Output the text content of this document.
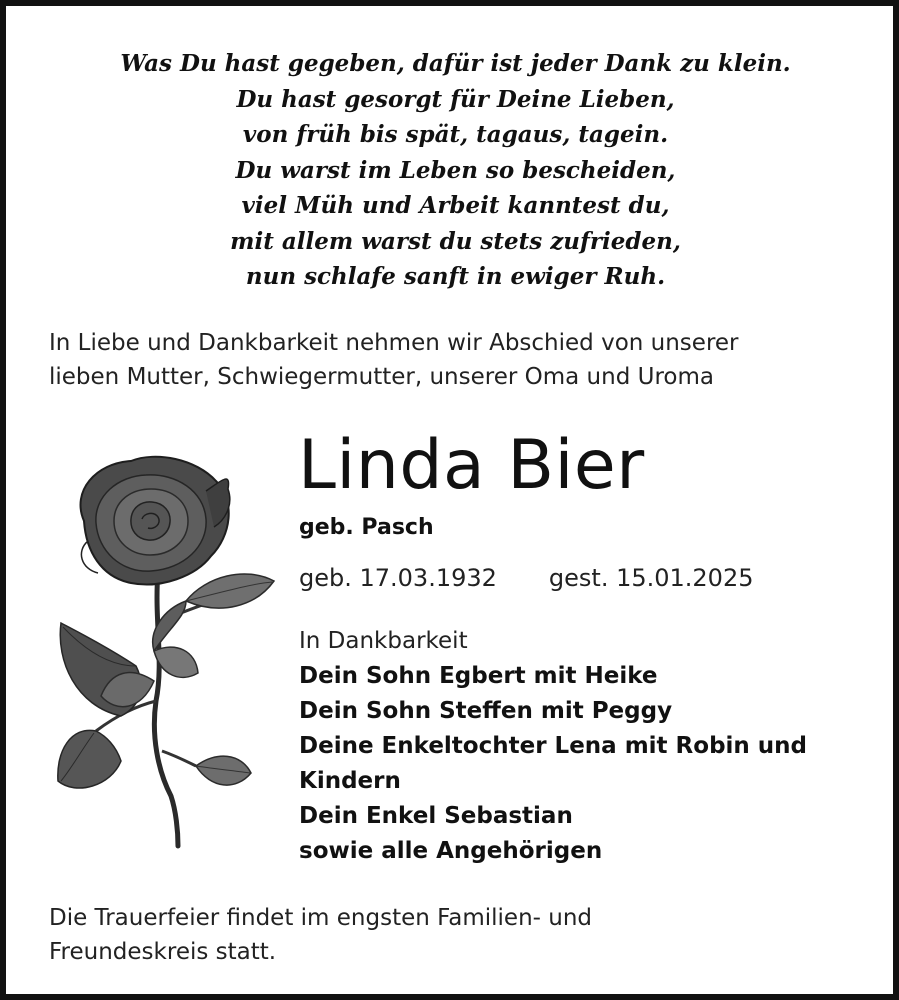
Was Du hast gegeben, dafür ist jeder Dank zu klein.
Du hast gesorgt für Deine Lieben,
von früh bis spät, tagaus, tagein.
Du warst im Leben so bescheiden,
viel Müh und Arbeit kanntest du,
mit allem warst du stets zufrieden,
nun schlafe sanft in ewiger Ruh.
In Liebe und Dankbarkeit nehmen wir Abschied von unserer
lieben Mutter, Schwiegermutter, unserer Oma und Uroma
Linda Bier
geb. Pasch
geb. 17.03.1932 gest. 15.01.2025
In Dankbarkeit
Dein Sohn Egbert mit Heike
Dein Sohn Steffen mit Peggy
Deine Enkeltochter Lena mit Robin und Kindern
Dein Enkel Sebastian
sowie alle Angehörigen
Die Trauerfeier findet im engsten Familien- und
Freundeskreis statt.
